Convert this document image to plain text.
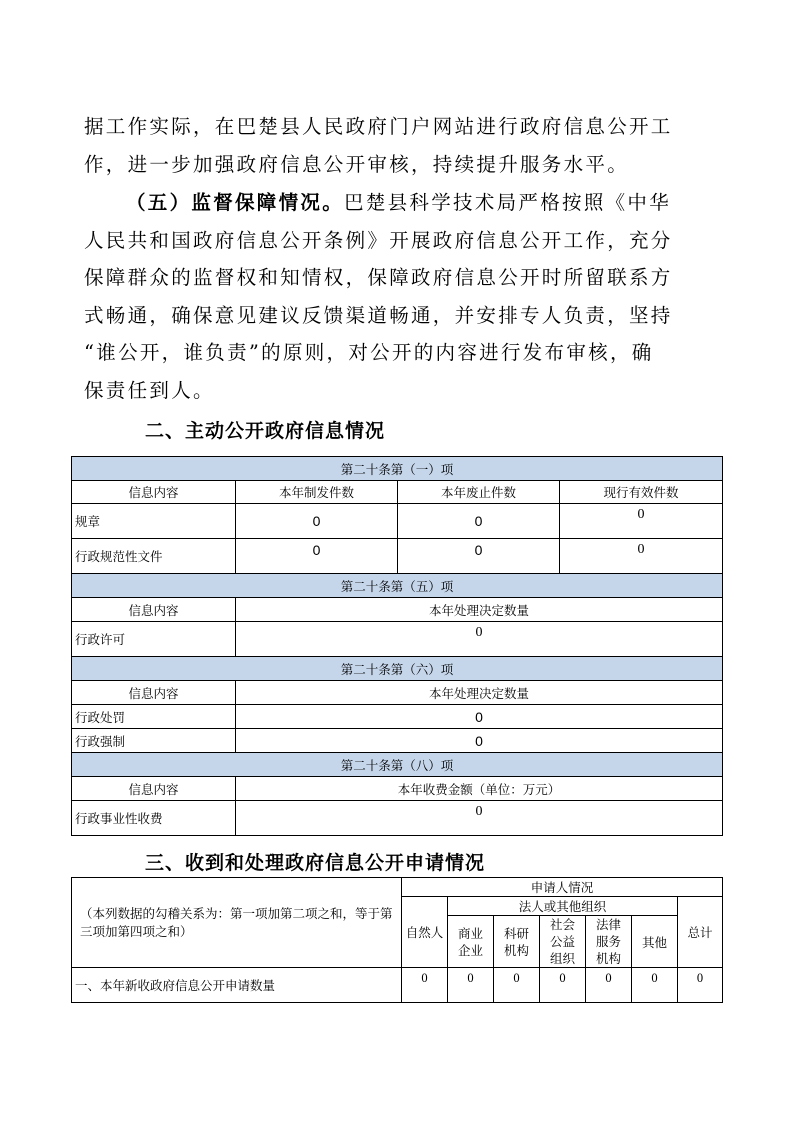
据工作实际，在巴楚县人民政府门户网站进行政府信息公开工
作，进一步加强政府信息公开审核，持续提升服务水平。
（五）监督保障情况。巴楚县科学技术局严格按照《中华
人民共和国政府信息公开条例》开展政府信息公开工作，充分
保障群众的监督权和知情权，保障政府信息公开时所留联系方
式畅通，确保意见建议反馈渠道畅通，并安排专人负责，坚持
“谁公开，谁负责”的原则，对公开的内容进行发布审核，确
保责任到人。
二、主动公开政府信息情况
第二十条第（一）项			
信息内容	本年制发件数	本年废止件数	现行有效件数
规章	0	0	0
行政规范性文件	0	0	0
第二十条第（五）项			
信息内容	本年处理决定数量		
行政许可	0		
第二十条第（六）项			
信息内容	本年处理决定数量		
行政处罚	0		
行政强制	0		
第二十条第（八）项			
信息内容	本年收费金额（单位：万元）		
行政事业性收费	0		
三、收到和处理政府信息公开申请情况
（本列数据的勾稽关系为：第一项加第二项之和，等于第三项加第四项之和）	申请人情况						
	自然人	法人或其他组织					总计
		商业企业	科研机构	社会公益组织	法律服务机构	其他	
一、本年新收政府信息公开申请数量	0	0	0	0	0	0	0
